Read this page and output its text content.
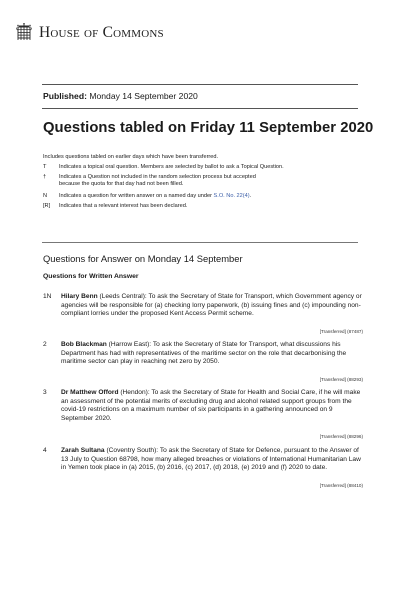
HOUSE OF COMMONS
Published: Monday 14 September 2020
Questions tabled on Friday 11 September 2020
Includes questions tabled on earlier days which have been transferred.
T	Indicates a topical oral question. Members are selected by ballot to ask a Topical Question.
†	Indicates a Question not included in the random selection process but accepted because the quota for that day had not been filled.
N	Indicates a question for written answer on a named day under S.O. No. 22(4).
[R]	Indicates that a relevant interest has been declared.
Questions for Answer on Monday 14 September
Questions for Written Answer
1N	Hilary Benn (Leeds Central): To ask the Secretary of State for Transport, which Government agency or agencies will be responsible for (a) checking lorry paperwork, (b) issuing fines and (c) impounding non-compliant lorries under the proposed Kent Access Permit scheme.
[Transferred] (87487)
2	Bob Blackman (Harrow East): To ask the Secretary of State for Transport, what discussions his Department has had with representatives of the maritime sector on the role that decarbonising the maritime sector can play in reaching net zero by 2050.
[Transferred] (88293)
3	Dr Matthew Offord (Hendon): To ask the Secretary of State for Health and Social Care, if he will make an assessment of the potential merits of excluding drug and alcohol related support groups from the covid-19 restrictions on a maximum number of six participants in a gathering announced on 9 September 2020.
[Transferred] (88296)
4	Zarah Sultana (Coventry South): To ask the Secretary of State for Defence, pursuant to the Answer of 13 July to Question 68798, how many alleged breaches or violations of International Humanitarian Law in Yemen took place in (a) 2015, (b) 2016, (c) 2017, (d) 2018, (e) 2019 and (f) 2020 to date.
[Transferred] (88410)
